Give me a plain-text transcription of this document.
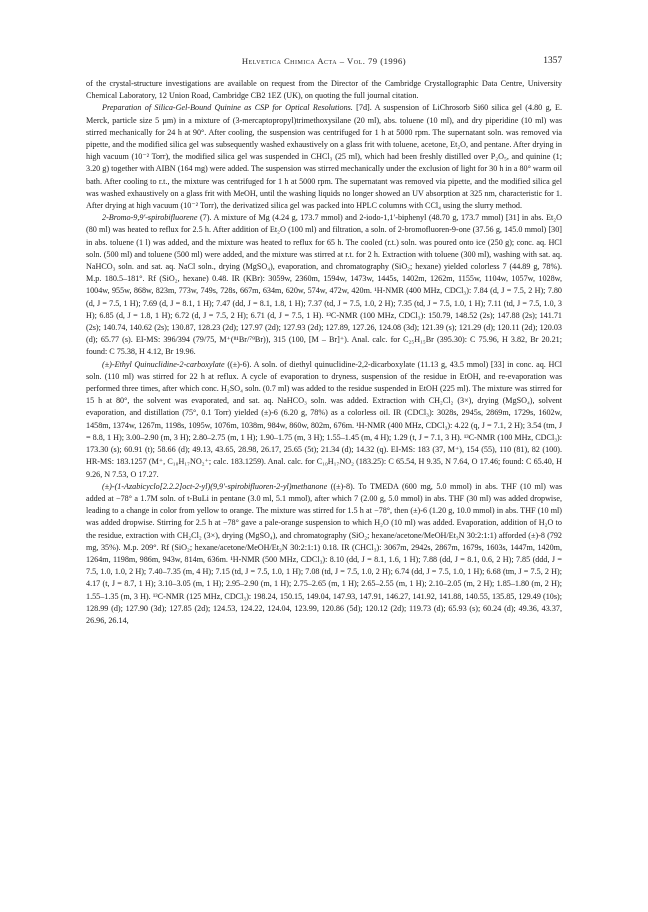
Helvetica Chimica Acta – Vol. 79 (1996)	1357

of the crystal-structure investigations are available on request from the Director of the Cambridge Crystallographic Data Centre, University Chemical Laboratory, 12 Union Road, Cambridge CB2 1EZ (UK), on quoting the full journal citation.

Preparation of Silica-Gel-Bound Quinine as CSP for Optical Resolutions. [7d]. A suspension of LiChrosorb Si60 silica gel (4.80 g, E. Merck, particle size 5 µm) in a mixture of (3-mercaptopropyl)trimethoxysilane (20 ml), abs. toluene (10 ml), and dry piperidine (10 ml) was stirred mechanically for 24 h at 90°. After cooling, the suspension was centrifuged for 1 h at 5000 rpm. The supernatant soln. was removed via pipette, and the modified silica gel was subsequently washed exhaustively on a glass frit with toluene, acetone, Et₂O, and pentane. After drying in high vacuum (10⁻² Torr), the modified silica gel was suspended in CHCl₃ (25 ml), which had been freshly distilled over P₂O₅, and quinine (1; 3.20 g) together with AIBN (164 mg) were added. The suspension was stirred mechanically under the exclusion of light for 30 h in a 80° warm oil bath. After cooling to r.t., the mixture was centrifuged for 1 h at 5000 rpm. The supernatant was removed via pipette, and the modified silica gel was washed exhaustively on a glass frit with MeOH, until the washing liquids no longer showed an UV absorption at 325 nm, characteristic for 1. After drying at high vacuum (10⁻² Torr), the derivatized silica gel was packed into HPLC columns with CCl₄ using the slurry method.

2-Bromo-9,9′-spirobifluorene (7). A mixture of Mg (4.24 g, 173.7 mmol) and 2-iodo-1,1′-biphenyl (48.70 g, 173.7 mmol) [31] in abs. Et₂O (80 ml) was heated to reflux for 2.5 h. After addition of Et₂O (100 ml) and filtration, a soln. of 2-bromofluoren-9-one (37.56 g, 145.0 mmol) [30] in abs. toluene (1 l) was added, and the mixture was heated to reflux for 65 h. The cooled (r.t.) soln. was poured onto ice (250 g); conc. aq. HCl soln. (500 ml) and toluene (500 ml) were added, and the mixture was stirred at r.t. for 2 h. Extraction with toluene (300 ml), washing with sat. aq. NaHCO₃ soln. and sat. aq. NaCl soln., drying (MgSO₄), evaporation, and chromatography (SiO₂; hexane) yielded colorless 7 (44.89 g, 78%). M.p. 180.5–181°. Rf (SiO₂, hexane) 0.48. IR (KBr): 3059w, 2360m, 1594w, 1473w, 1445s, 1402m, 1262m, 1155w, 1104w, 1057w, 1028w, 1004w, 955w, 868w, 823m, 773w, 749s, 728s, 667m, 634m, 620w, 574w, 472w, 420m. ¹H-NMR (400 MHz, CDCl₃): 7.84 (d, J = 7.5, 2 H); 7.80 (d, J = 7.5, 1 H); 7.69 (d, J = 8.1, 1 H); 7.47 (dd, J = 8.1, 1.8, 1 H); 7.37 (td, J = 7.5, 1.0, 2 H); 7.35 (td, J = 7.5, 1.0, 1 H); 7.11 (td, J = 7.5, 1.0, 3 H); 6.85 (d, J = 1.8, 1 H); 6.72 (d, J = 7.5, 2 H); 6.71 (d, J = 7.5, 1 H). ¹³C-NMR (100 MHz, CDCl₃): 150.79, 148.52 (2s); 147.88 (2s); 141.71 (2s); 140.74, 140.62 (2s); 130.87, 128.23 (2d); 127.97 (2d); 127.93 (2d); 127.89, 127.26, 124.08 (3d); 121.39 (s); 121.29 (d); 120.11 (2d); 120.03 (d); 65.77 (s). EI-MS: 396/394 (79/75, M⁺(⁸¹Br/⁷⁹Br)), 315 (100, [M – Br]⁺). Anal. calc. for C₂₅H₁₅Br (395.30): C 75.96, H 3.82, Br 20.21; found: C 75.38, H 4.12, Br 19.96.

(±)-Ethyl Quinuclidine-2-carboxylate ((±)-6). A soln. of diethyl quinuclidine-2,2-dicarboxylate (11.13 g, 43.5 mmol) [33] in conc. aq. HCl soln. (110 ml) was stirred for 22 h at reflux. A cycle of evaporation to dryness, suspension of the residue in EtOH, and re-evaporation was performed three times, after which conc. H₂SO₄ soln. (0.7 ml) was added to the residue suspended in EtOH (225 ml). The mixture was stirred for 15 h at 80°, the solvent was evaporated, and sat. aq. NaHCO₃ soln. was added. Extraction with CH₂Cl₂ (3×), drying (MgSO₄), solvent evaporation, and distillation (75°, 0.1 Torr) yielded (±)-6 (6.20 g, 78%) as a colorless oil. IR (CDCl₃): 3028s, 2945s, 2869m, 1729s, 1602w, 1458m, 1374w, 1267m, 1198s, 1095w, 1076m, 1038m, 984w, 860w, 802m, 676m. ¹H-NMR (400 MHz, CDCl₃): 4.22 (q, J = 7.1, 2 H); 3.54 (tm, J = 8.8, 1 H); 3.00–2.90 (m, 3 H); 2.80–2.75 (m, 1 H); 1.90–1.75 (m, 3 H); 1.55–1.45 (m, 4 H); 1.29 (t, J = 7.1, 3 H). ¹³C-NMR (100 MHz, CDCl₃): 173.30 (s); 60.91 (t); 58.66 (d); 49.13, 43.65, 28.98, 26.17, 25.65 (5t); 21.34 (d); 14.32 (q). EI-MS: 183 (37, M⁺), 154 (55), 110 (81), 82 (100). HR-MS: 183.1257 (M⁺, C₁₀H₁₇NO₂⁺; calc. 183.1259). Anal. calc. for C₁₀H₁₇NO₂ (183.25): C 65.54, H 9.35, N 7.64, O 17.46; found: C 65.40, H 9.26, N 7.53, O 17.27.

(±)-(1-Azabicyclo[2.2.2]oct-2-yl)(9,9′-spirobifluoren-2-yl)methanone ((±)-8). To TMEDA (600 mg, 5.0 mmol) in abs. THF (10 ml) was added at −78° a 1.7M soln. of t-BuLi in pentane (3.0 ml, 5.1 mmol), after which 7 (2.00 g, 5.0 mmol) in abs. THF (30 ml) was added dropwise, leading to a change in color from yellow to orange. The mixture was stirred for 1.5 h at −78°, then (±)-6 (1.20 g, 10.0 mmol) in abs. THF (10 ml) was added dropwise. Stirring for 2.5 h at −78° gave a pale-orange suspension to which H₂O (10 ml) was added. Evaporation, addition of H₂O to the residue, extraction with CH₂Cl₂ (3×), drying (MgSO₄), and chromatography (SiO₂; hexane/acetone/MeOH/Et₃N 30:2:1:1) afforded (±)-8 (792 mg, 35%). M.p. 209°. Rf (SiO₂; hexane/acetone/MeOH/Et₃N 30:2:1:1) 0.18. IR (CHCl₃): 3067m, 2942s, 2867m, 1679s, 1603s, 1447m, 1420m, 1264m, 1198m, 986m, 943w, 814m, 636m. ¹H-NMR (500 MHz, CDCl₃): 8.10 (dd, J = 8.1, 1.6, 1 H); 7.88 (dd, J = 8.1, 0.6, 2 H); 7.85 (ddd, J = 7.5, 1.0, 1.0, 2 H); 7.40–7.35 (m, 4 H); 7.15 (td, J = 7.5, 1.0, 1 H); 7.08 (td, J = 7.5, 1.0, 2 H); 6.74 (dd, J = 7.5, 1.0, 1 H); 6.68 (tm, J = 7.5, 2 H); 4.17 (t, J = 8.7, 1 H); 3.10–3.05 (m, 1 H); 2.95–2.90 (m, 1 H); 2.75–2.65 (m, 1 H); 2.65–2.55 (m, 1 H); 2.10–2.05 (m, 2 H); 1.85–1.80 (m, 2 H); 1.55–1.35 (m, 3 H). ¹³C-NMR (125 MHz, CDCl₃): 198.24, 150.15, 149.04, 147.93, 147.91, 146.27, 141.92, 141.88, 140.55, 135.85, 129.49 (10s); 128.99 (d); 127.90 (3d); 127.85 (2d); 124.53, 124.22, 124.04, 123.99, 120.86 (5d); 120.12 (2d); 119.73 (d); 65.93 (s); 60.24 (d); 49.36, 43.37, 26.96, 26.14,
